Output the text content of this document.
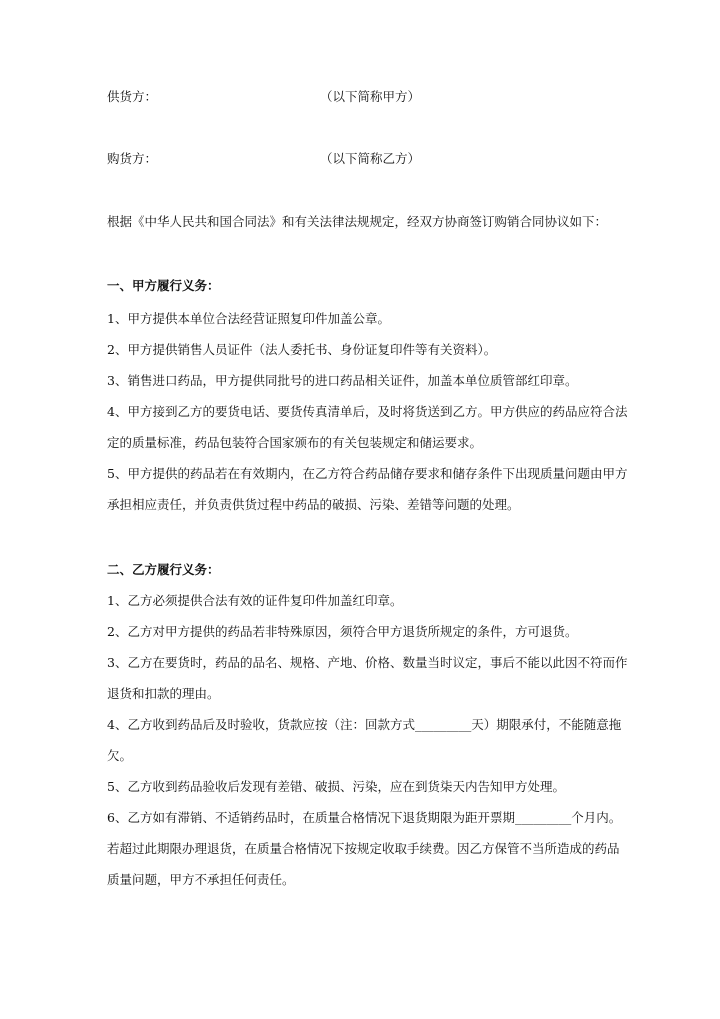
供货方：	（以下简称甲方）
购货方：	（以下简称乙方）
根据《中华人民共和国合同法》和有关法律法规规定，经双方协商签订购销合同协议如下：
一、甲方履行义务：
1、甲方提供本单位合法经营证照复印件加盖公章。
2、甲方提供销售人员证件（法人委托书、身份证复印件等有关资料）。
3、销售进口药品，甲方提供同批号的进口药品相关证件，加盖本单位质管部红印章。
4、甲方接到乙方的要货电话、要货传真清单后，及时将货送到乙方。甲方供应的药品应符合法
定的质量标准，药品包装符合国家颁布的有关包装规定和储运要求。
5、甲方提供的药品若在有效期内，在乙方符合药品储存要求和储存条件下出现质量问题由甲方
承担相应责任，并负责供货过程中药品的破损、污染、差错等问题的处理。
二、乙方履行义务：
1、乙方必须提供合法有效的证件复印件加盖红印章。
2、乙方对甲方提供的药品若非特殊原因，须符合甲方退货所规定的条件，方可退货。
3、乙方在要货时，药品的品名、规格、产地、价格、数量当时议定，事后不能以此因不符而作
退货和扣款的理由。
4、乙方收到药品后及时验收，货款应按（注：回款方式_________天）期限承付，不能随意拖
欠。
5、乙方收到药品验收后发现有差错、破损、污染，应在到货柒天内告知甲方处理。
6、乙方如有滞销、不适销药品时，在质量合格情况下退货期限为距开票期_________个月内。
若超过此期限办理退货，在质量合格情况下按规定收取手续费。因乙方保管不当所造成的药品
质量问题，甲方不承担任何责任。
